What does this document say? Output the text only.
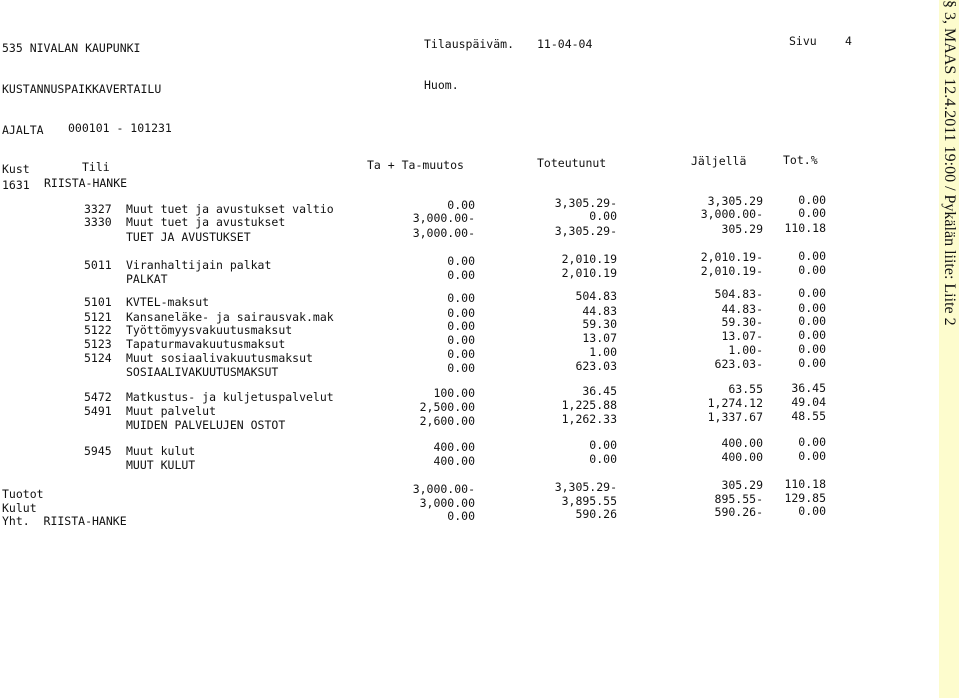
535 NIVALAN KAUPUNKI	Tilauspäiväm. 11-04-04	Sivu 4
KUSTANNUSPAIKKAVERTAILU	Huom.
AJALTA 000101 - 101231
Kust	Tili	Ta + Ta-muutos	Toteutunut	Jäljellä	Tot.%
1631 RIISTA-HANKE
3327 Muut tuet ja avustukset valtio	0.00	3,305.29-	3,305.29	0.00
3330 Muut tuet ja avustukset	3,000.00-	0.00	3,000.00-	0.00
TUET JA AVUSTUKSET	3,000.00-	3,305.29-	305.29	110.18
5011 Viranhaltijain palkat	0.00	2,010.19	2,010.19-	0.00
PALKAT	0.00	2,010.19	2,010.19-	0.00
5101 KVTEL-maksut	0.00	504.83	504.83-	0.00
5121 Kansaneläke- ja sairausvak.mak	0.00	44.83	44.83-	0.00
5122 Työttömyysvakuutusmaksut	0.00	59.30	59.30-	0.00
5123 Tapaturmavakuutusmaksut	0.00	13.07	13.07-	0.00
5124 Muut sosiaalivakuutusmaksut	0.00	1.00	1.00-	0.00
SOSIAALIVAKUUTUSMAKSUT	0.00	623.03	623.03-	0.00
5472 Matkustus- ja kuljetuspalvelut	100.00	36.45	63.55	36.45
5491 Muut palvelut	2,500.00	1,225.88	1,274.12	49.04
MUIDEN PALVELUJEN OSTOT	2,600.00	1,262.33	1,337.67	48.55
5945 Muut kulut	400.00	0.00	400.00	0.00
MUUT KULUT	400.00	0.00	400.00	0.00
Tuotot	3,000.00-	3,305.29-	305.29	110.18
Kulut	3,000.00	3,895.55	895.55-	129.85
Yht.  RIISTA-HANKE	0.00	590.26	590.26-	0.00
§ 3, MAAS 12.4.2011 19:00 / Pykälän liite: Liite 2
